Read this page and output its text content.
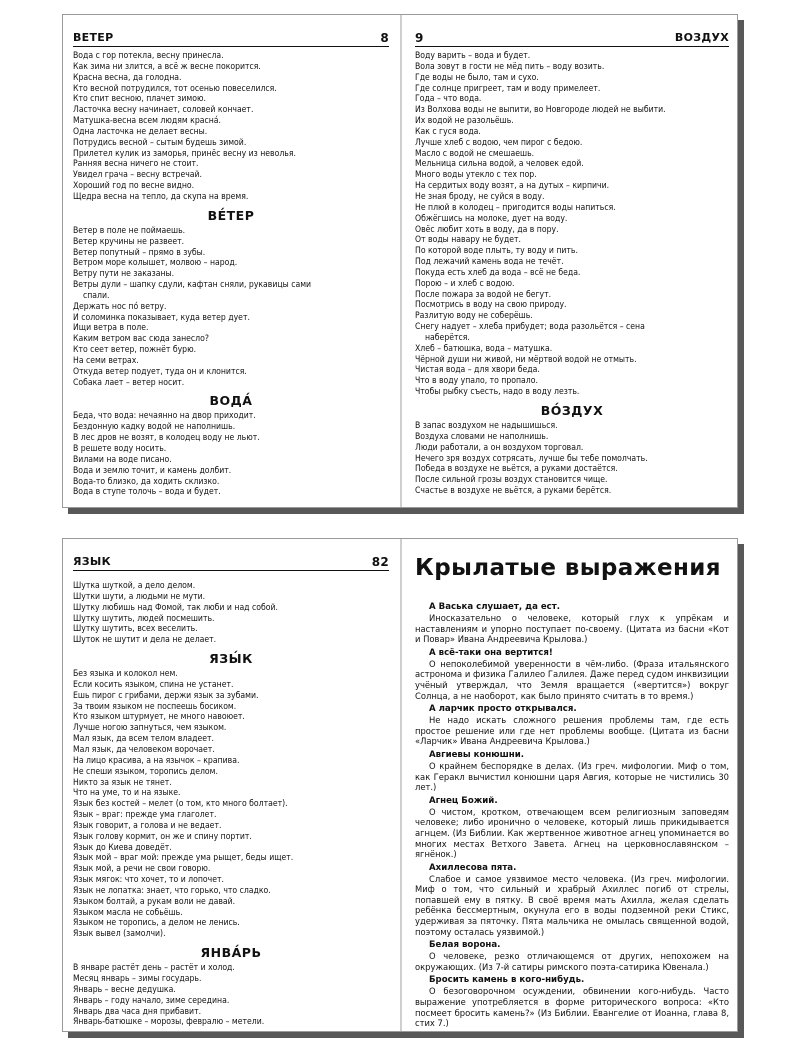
ВЕТЕР	8
Вода с гор потекла, весну принесла.
Как зима ни злится, а всё ж весне покорится.
Красна весна, да голодна.
Кто весной потрудился, тот осенью повеселился.
Кто спит весною, плачет зимою.
Ласточка весну начинает, соловей кончает.
Матушка-весна всем людям красна́.
Одна ласточка не делает весны.
Потрудись весной – сытым будешь зимой.
Прилетел кулик из заморья, принёс весну из неволья.
Ранняя весна ничего не стоит.
Увидел грача – весну встречай.
Хороший год по весне видно.
Щедра весна на тепло, да скупа на время.
ВЕ́ТЕР
Ветер в поле не поймаешь.
Ветер кручины не развеет.
Ветер попутный – прямо в зубы.
Ветром море колышет, молвою – народ.
Ветру пути не заказаны.
Ветры дули – шапку сдули, кафтан сняли, рукавицы сами
спали.
Держать нос по́ ветру.
И соломинка показывает, куда ветер дует.
Ищи ветра в поле.
Каким ветром вас сюда занесло?
Кто сеет ветер, пожнёт бурю.
На семи ветрах.
Откуда ветер подует, туда он и клонится.
Собака лает – ветер носит.
ВОДА́
Беда, что вода: нечаянно на двор приходит.
Бездонную кадку водой не наполнишь.
В лес дров не возят, в колодец воду не льют.
В решете воду носить.
Вилами на воде писано.
Вода и землю точит, и камень долбит.
Вода-то близко, да ходить склизко.
Вода в ступе толочь – вода и будет.
9	ВОЗДУХ
Воду варить – вода и будет.
Вола зовут в гости не мёд пить – воду возить.
Где воды не было, там и сухо.
Где солнце пригреет, там и воду примелеет.
Года – что вода.
Из Волхова воды не выпити, во Новгороде людей не выбити.
Их водой не разольёшь.
Как с гуся вода.
Лучше хлеб с водою, чем пирог с бедою.
Масло с водой не смешаешь.
Мельница сильна водой, а человек едой.
Много воды утекло с тех пор.
На сердитых воду возят, а на дутых – кирпичи.
Не зная броду, не суйся в воду.
Не плюй в колодец – пригодится воды напиться.
Обжёгшись на молоке, дует на воду.
Овёс любит хоть в воду, да в пору.
От воды навару не будет.
По которой воде плыть, ту воду и пить.
Под лежачий камень вода не течёт.
Покуда есть хлеб да вода – всё не беда.
Порою – и хлеб с водою.
После пожара за водой не бегут.
Посмотрись в воду на свою природу.
Разлитую воду не соберёшь.
Снегу надует – хлеба прибудет; вода разольётся – сена
наберётся.
Хлеб – батюшка, вода – матушка.
Чёрной души ни живой, ни мёртвой водой не отмыть.
Чистая вода – для хвори беда.
Что в воду упало, то пропало.
Чтобы рыбку съесть, надо в воду лезть.
ВО́ЗДУХ
В запас воздухом не надышишься.
Воздуха словами не наполнишь.
Люди работали, а он воздухом торговал.
Нечего зря воздух сотрясать, лучше бы тебе помолчать.
Победа в воздухе не вьётся, а руками достаётся.
После сильной грозы воздух становится чище.
Счастье в воздухе не вьётся, а руками берётся.
ЯЗЫК	82
Шутка шуткой, а дело делом.
Шутки шути, а людьми не мути.
Шутку любишь над Фомой, так люби и над собой.
Шутку шутить, людей посмешить.
Шутку шутить, всех веселить.
Шуток не шутит и дела не делает.
ЯЗЫ́К
Без языка и колокол нем.
Если косить языком, спина не устанет.
Ешь пирог с грибами, держи язык за зубами.
За твоим языком не поспеешь босиком.
Кто языком штурмует, не много навоюет.
Лучше ногою запнуться, чем языком.
Мал язык, да всем телом владеет.
Мал язык, да человеком ворочает.
На лицо красива, а на язычок – крапива.
Не спеши языком, торопись делом.
Никто за язык не тянет.
Что на уме, то и на языке.
Язык без костей – мелет (о том, кто много болтает).
Язык – враг: прежде ума глаголет.
Язык говорит, а голова и не ведает.
Язык голову кормит, он же и спину портит.
Язык до Киева доведёт.
Язык мой – враг мой: прежде ума рыщет, беды ищет.
Язык мой, а речи не свои говорю.
Язык мягок: что хочет, то и лопочет.
Язык не лопатка: знает, что горько, что сладко.
Языком болтай, а рукам воли не давай.
Языком масла не собьёшь.
Языком не торопись, а делом не ленись.
Язык вывел (замолчи).
ЯНВА́РЬ
В январе растёт день – растёт и холод.
Месяц январь – зимы государь.
Январь – весне дедушка.
Январь – году начало, зиме середина.
Январь два часа дня прибавит.
Январь-батюшке – морозы, февралю – метели.
Крылатые выражения
А Васька слушает, да ест.
Иносказательно о человеке, который глух к упрёкам и наставлениям и упорно поступает по-своему. (Цитата из басни «Кот и Повар» Ивана Андреевича Крылова.)
А всё-таки она вертится!
О непоколебимой уверенности в чём-либо. (Фраза итальянского астронома и физика Галилео Галилея. Даже перед судом инквизиции учёный утверждал, что Земля вращается («вертится») вокруг Солнца, а не наоборот, как было принято считать в то время.)
А ларчик просто открывался.
Не надо искать сложного решения проблемы там, где есть простое решение или где нет проблемы вообще. (Цитата из басни «Ларчик» Ивана Андреевича Крылова.)
Авгиевы конюшни.
О крайнем беспорядке в делах. (Из греч. мифологии. Миф о том, как Геракл вычистил конюшни царя Авгия, которые не чистились 30 лет.)
Агнец Божий.
О чистом, кротком, отвечающем всем религиозным заповедям человеке; либо иронично о человеке, который лишь прикидывается агнцем. (Из Библии. Как жертвенное животное агнец упоминается во многих местах Ветхого Завета. Агнец на церковнославянском – ягнёнок.)
Ахиллесова пята.
Слабое и самое уязвимое место человека. (Из греч. мифологии. Миф о том, что сильный и храбрый Ахиллес погиб от стрелы, попавшей ему в пятку. В своё время мать Ахилла, желая сделать ребёнка бессмертным, окунула его в воды подземной реки Стикс, удерживая за пяточку. Пята мальчика не омылась священной водой, поэтому осталась уязвимой.)
Белая ворона.
О человеке, резко отличающемся от других, непохожем на окружающих. (Из 7-й сатиры римского поэта-сатирика Ювенала.)
Бросить камень в кого-нибудь.
О безоговорочном осуждении, обвинении кого-нибудь. Часто выражение употребляется в форме риторического вопроса: «Кто посмеет бросить камень?» (Из Библии. Евангелие от Иоанна, глава 8, стих 7.)
